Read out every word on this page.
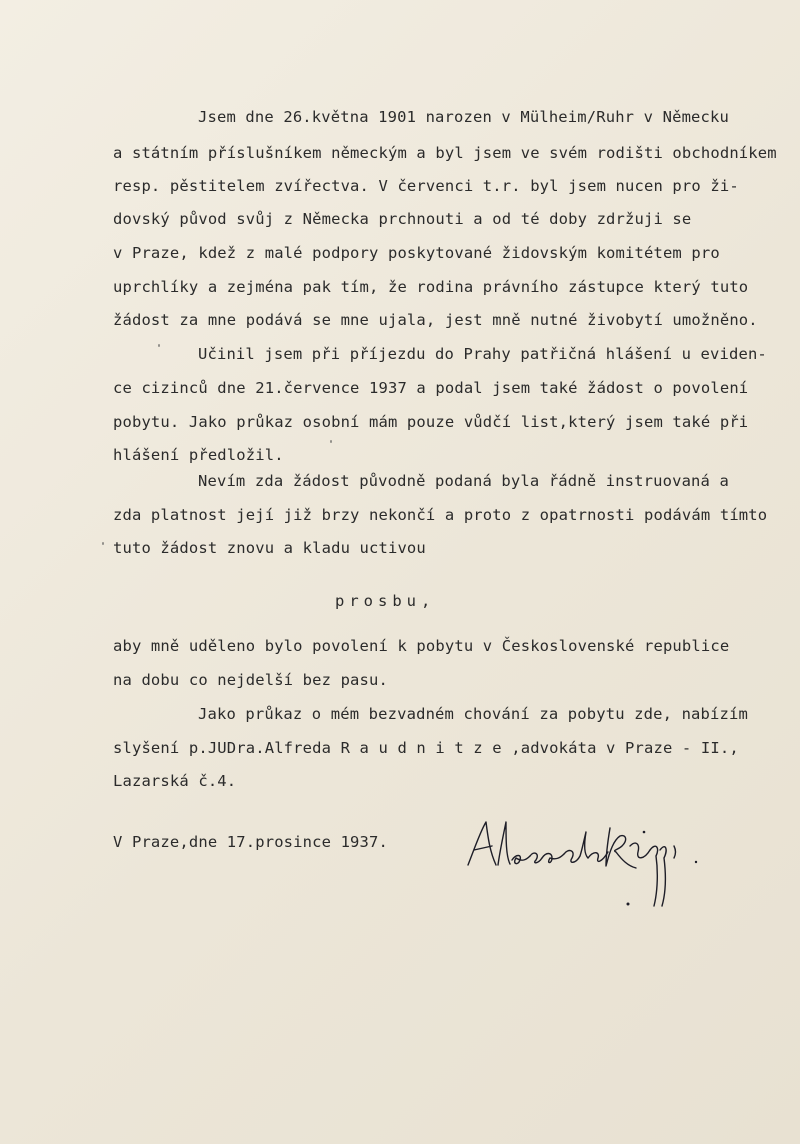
Jsem dne 26.května 1901 narozen v Mülheim/Ruhr v Německu
a státním příslušníkem německým a byl jsem ve svém rodišti obchodníkem
resp. pěstitelem zvířectva. V červenci t.r. byl jsem nucen pro ži-
dovský původ svůj z Německa prchnouti a od té doby zdržuji se
v Praze, kdež z malé podpory poskytované židovským komitétem pro
uprchlíky a zejména pak tím, že rodina právního zástupce který tuto
žádost za mne podává se mne ujala, jest mně nutné živobytí umožněno.
Učinil jsem při příjezdu do Prahy patřičná hlášení u eviden-
ce cizinců dne 21.července 1937 a podal jsem také žádost o povolení
pobytu. Jako průkaz osobní mám pouze vůdčí list,který jsem také při
hlášení předložil.
Nevím zda žádost původně podaná byla řádně instruovaná a
zda platnost její již brzy nekončí a proto z opatrnosti podávám tímto
tuto žádost znovu a kladu uctivou
prosbu,
aby mně uděleno bylo povolení k pobytu v Československé republice
na dobu co nejdelší bez pasu.
Jako průkaz o mém bezvadném chování za pobytu zde, nabízím
slyšení p.JUDra.Alfreda R a u d n i t z e ,advokáta v Praze - II.,
Lazarská č.4.
V Praze,dne 17.prosince 1937.
